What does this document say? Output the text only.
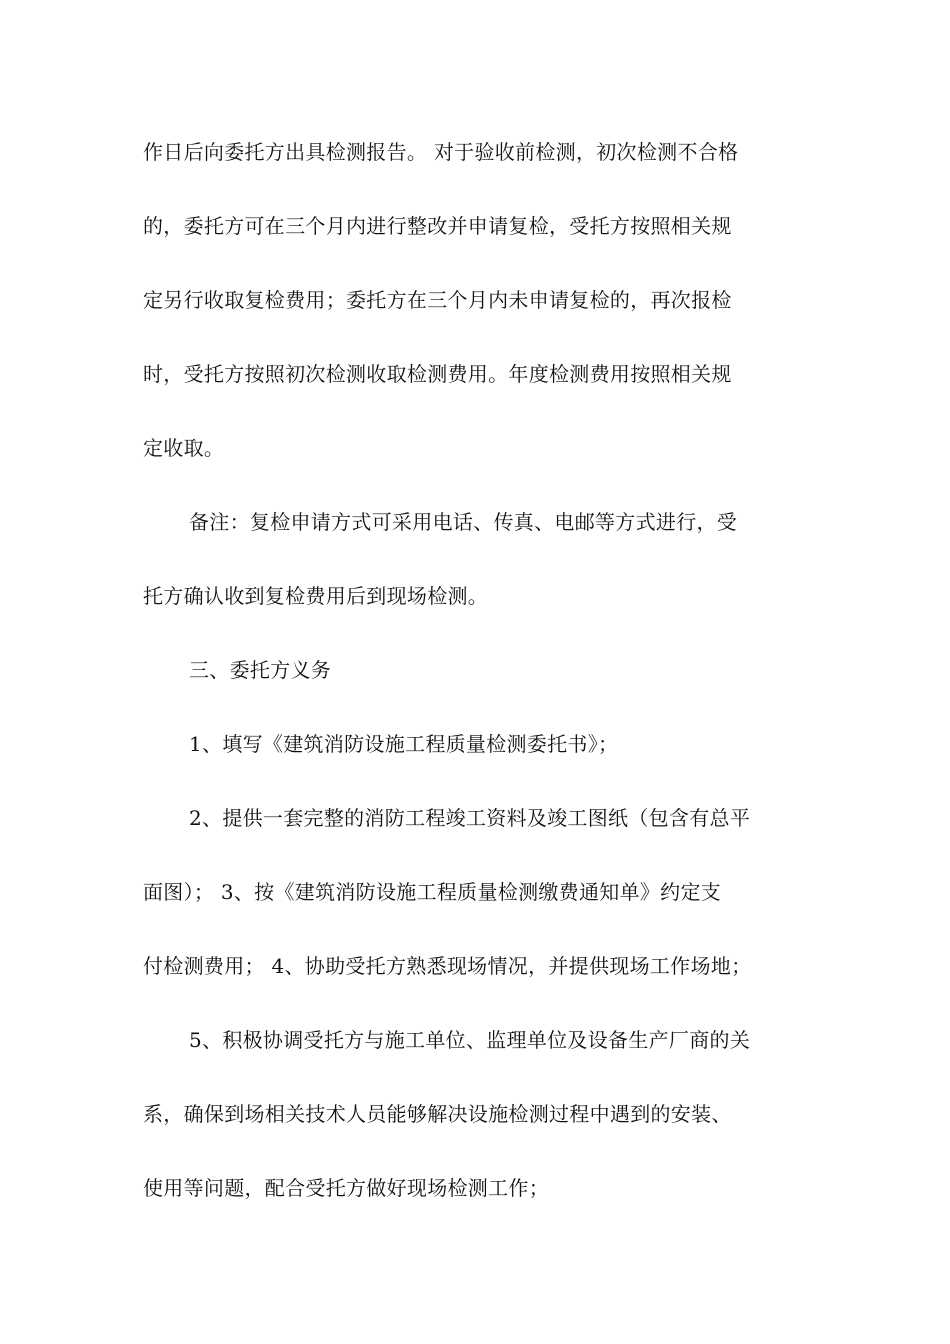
作日后向委托方出具检测报告。 对于验收前检测，初次检测不合格
的，委托方可在三个月内进行整改并申请复检，受托方按照相关规
定另行收取复检费用；委托方在三个月内未申请复检的，再次报检
时，受托方按照初次检测收取检测费用。年度检测费用按照相关规
定收取。
备注：复检申请方式可采用电话、传真、电邮等方式进行，受
托方确认收到复检费用后到现场检测。
三、委托方义务
1、填写《建筑消防设施工程质量检测委托书》；
2、提供一套完整的消防工程竣工资料及竣工图纸（包含有总平
面图）； 3、按《建筑消防设施工程质量检测缴费通知单》约定支
付检测费用； 4、协助受托方熟悉现场情况，并提供现场工作场地；
5、积极协调受托方与施工单位、监理单位及设备生产厂商的关
系，确保到场相关技术人员能够解决设施检测过程中遇到的安装、
使用等问题，配合受托方做好现场检测工作；
